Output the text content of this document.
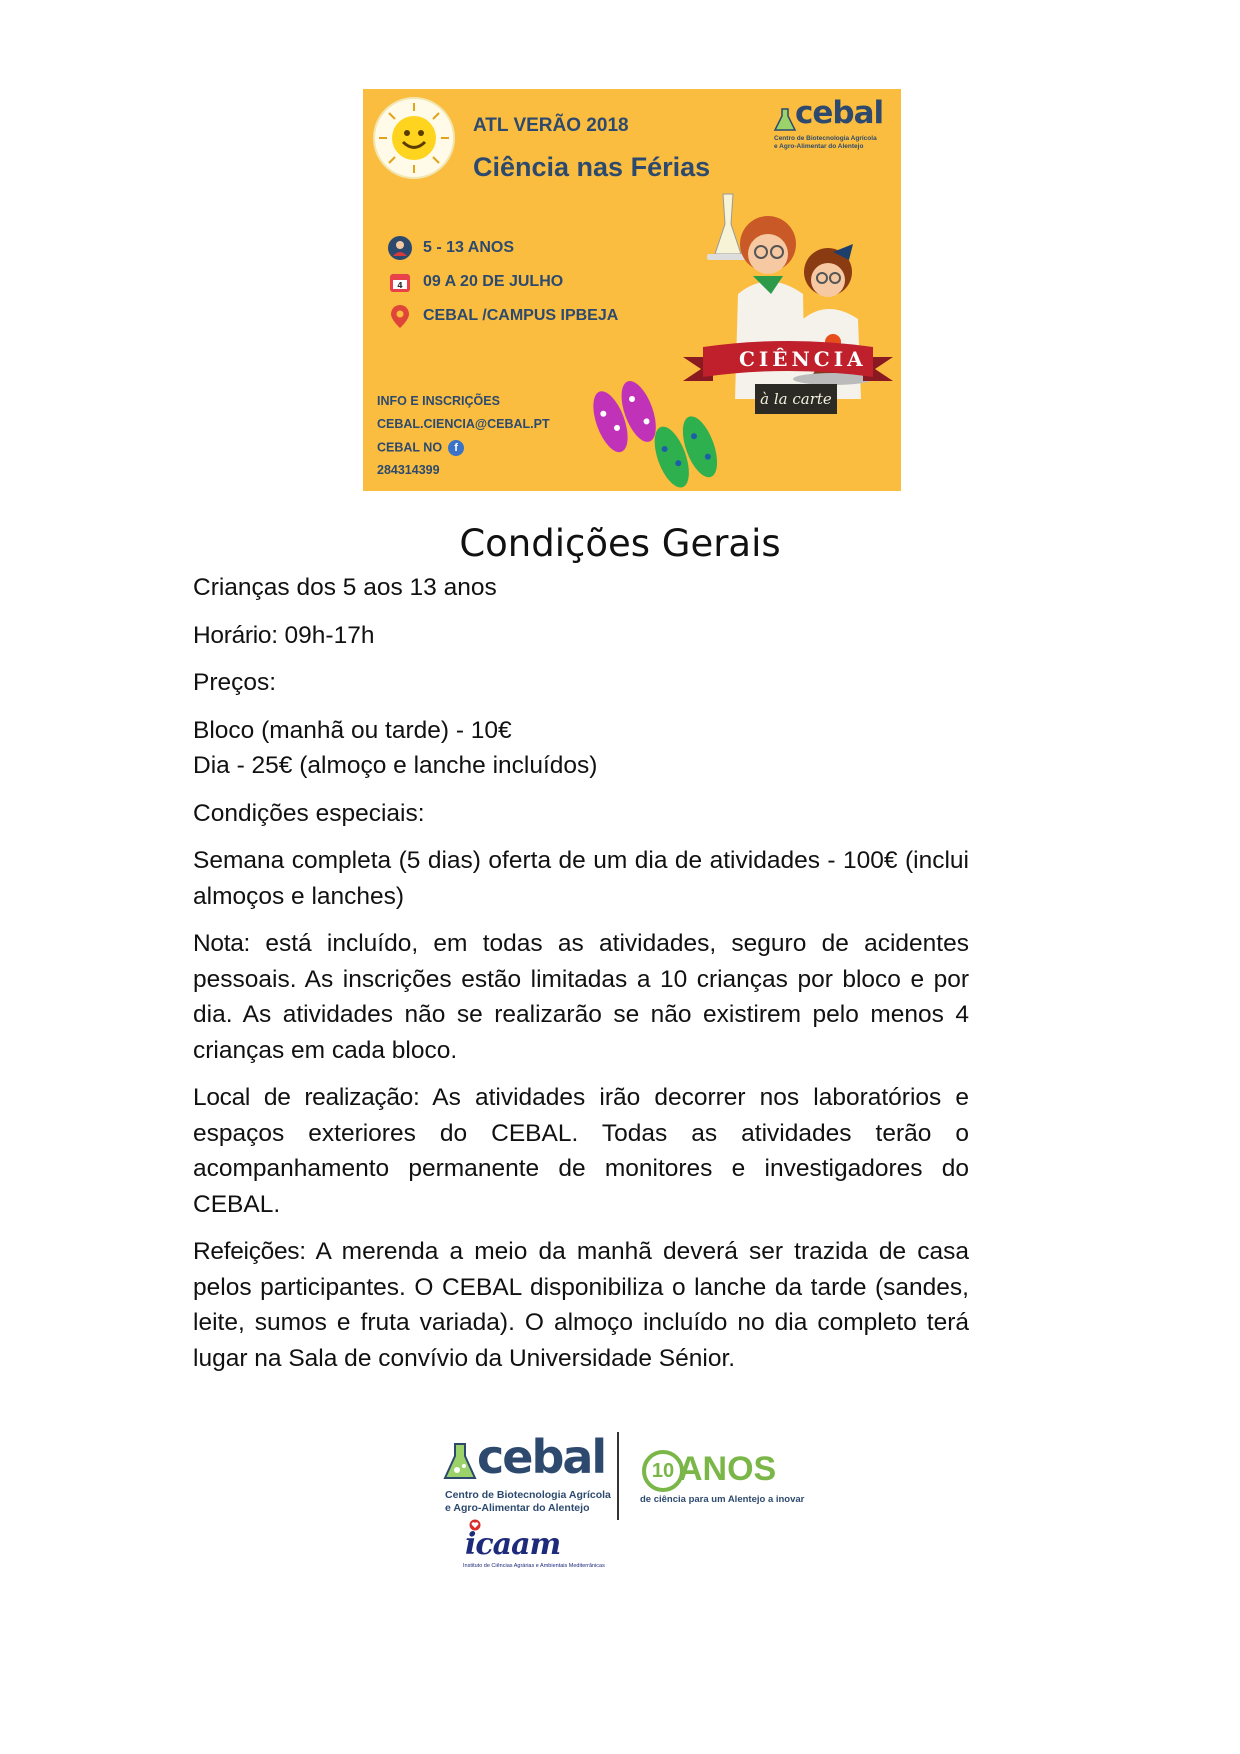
ATL VERÃO 2018	cebal
Centro de Biotecnologia Agrícola
e Agro-Alimentar do Alentejo
Ciência nas Férias
5 - 13 ANOS
4 09 A 20 DE JULHO
CEBAL /CAMPUS IPBEJA
INFO E INSCRIÇÕES
CEBAL.CIENCIA@CEBAL.PT
CEBAL NO f
284314399
CIÊNCIA
à la carte
Condições Gerais

Crianças dos 5 aos 13 anos

Horário: 09h-17h

Preços:

Bloco (manhã ou tarde) - 10€
Dia - 25€ (almoço e lanche incluídos)

Condições especiais:

Semana completa (5 dias) oferta de um dia de atividades - 100€ (inclui almoços e lanches)

Nota: está incluído, em todas as atividades, seguro de acidentes pessoais. As inscrições estão limitadas a 10 crianças por bloco e por dia. As atividades não se realizarão se não existirem pelo menos 4 crianças em cada bloco.

Local de realização: As atividades irão decorrer nos laboratórios e espaços exteriores do CEBAL. Todas as atividades terão o acompanhamento permanente de monitores e investigadores do CEBAL.

Refeições: A merenda a meio da manhã deverá ser trazida de casa pelos participantes. O CEBAL disponibiliza o lanche da tarde (sandes, leite, sumos e fruta variada). O almoço incluído no dia completo terá lugar na Sala de convívio da Universidade Sénior.

cebal
Centro de Biotecnologia Agrícola
e Agro-Alimentar do Alentejo
10 ANOS
de ciência para um Alentejo a inovar
icaam
Instituto de Ciências Agrárias e Ambientais Mediterrânicas
